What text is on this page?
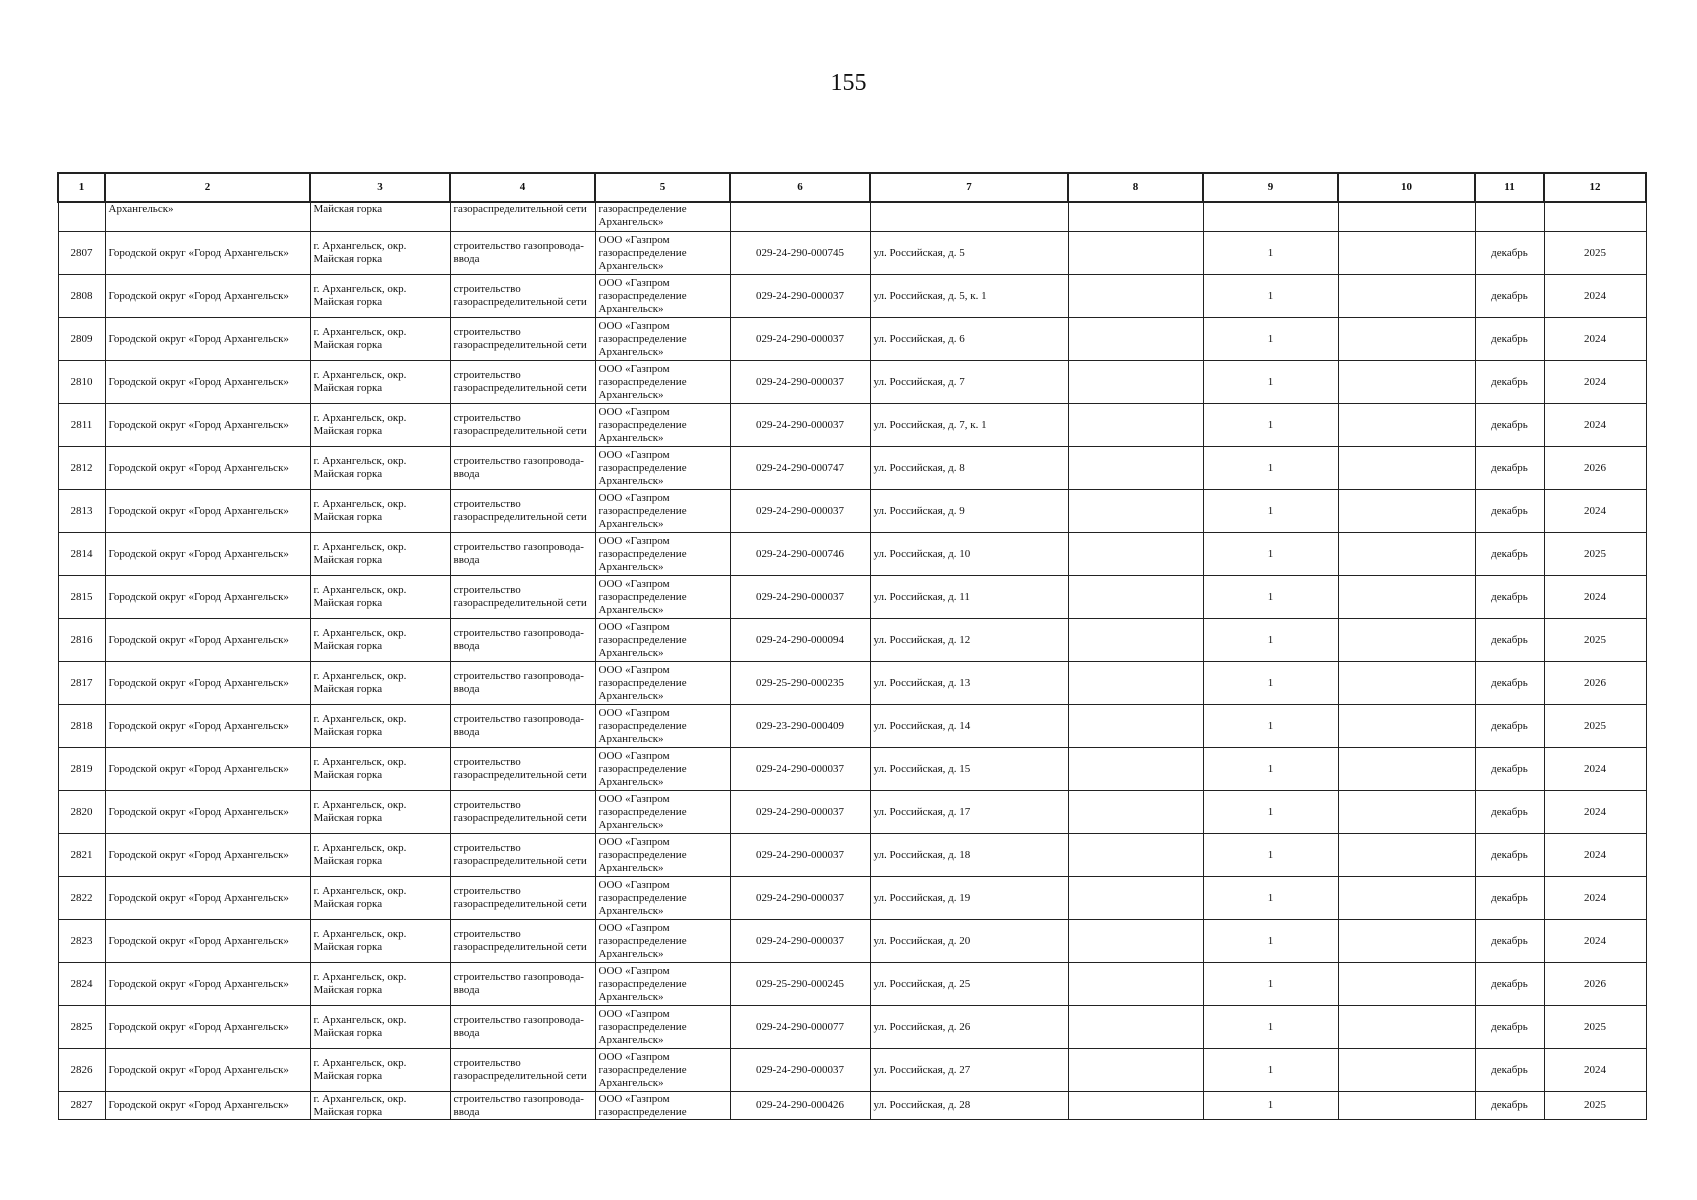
155
1	2	3	4	5	6	7	8	9	10	11	12
	Архангельск»	Майская горка	газораспределительной сети	газораспределение Архангельск»							
2807	Городской округ «Город Архангельск»	г. Архангельск, окр. Майская горка	строительство газопровода-ввода	ООО «Газпром газораспределение Архангельск»	029-24-290-000745	ул. Российская, д. 5		1		декабрь	2025
2808	Городской округ «Город Архангельск»	г. Архангельск, окр. Майская горка	строительство газораспределительной сети	ООО «Газпром газораспределение Архангельск»	029-24-290-000037	ул. Российская, д. 5, к. 1		1		декабрь	2024
2809	Городской округ «Город Архангельск»	г. Архангельск, окр. Майская горка	строительство газораспределительной сети	ООО «Газпром газораспределение Архангельск»	029-24-290-000037	ул. Российская, д. 6		1		декабрь	2024
2810	Городской округ «Город Архангельск»	г. Архангельск, окр. Майская горка	строительство газораспределительной сети	ООО «Газпром газораспределение Архангельск»	029-24-290-000037	ул. Российская, д. 7		1		декабрь	2024
2811	Городской округ «Город Архангельск»	г. Архангельск, окр. Майская горка	строительство газораспределительной сети	ООО «Газпром газораспределение Архангельск»	029-24-290-000037	ул. Российская, д. 7, к. 1		1		декабрь	2024
2812	Городской округ «Город Архангельск»	г. Архангельск, окр. Майская горка	строительство газопровода-ввода	ООО «Газпром газораспределение Архангельск»	029-24-290-000747	ул. Российская, д. 8		1		декабрь	2026
2813	Городской округ «Город Архангельск»	г. Архангельск, окр. Майская горка	строительство газораспределительной сети	ООО «Газпром газораспределение Архангельск»	029-24-290-000037	ул. Российская, д. 9		1		декабрь	2024
2814	Городской округ «Город Архангельск»	г. Архангельск, окр. Майская горка	строительство газопровода-ввода	ООО «Газпром газораспределение Архангельск»	029-24-290-000746	ул. Российская, д. 10		1		декабрь	2025
2815	Городской округ «Город Архангельск»	г. Архангельск, окр. Майская горка	строительство газораспределительной сети	ООО «Газпром газораспределение Архангельск»	029-24-290-000037	ул. Российская, д. 11		1		декабрь	2024
2816	Городской округ «Город Архангельск»	г. Архангельск, окр. Майская горка	строительство газопровода-ввода	ООО «Газпром газораспределение Архангельск»	029-24-290-000094	ул. Российская, д. 12		1		декабрь	2025
2817	Городской округ «Город Архангельск»	г. Архангельск, окр. Майская горка	строительство газопровода-ввода	ООО «Газпром газораспределение Архангельск»	029-25-290-000235	ул. Российская, д. 13		1		декабрь	2026
2818	Городской округ «Город Архангельск»	г. Архангельск, окр. Майская горка	строительство газопровода-ввода	ООО «Газпром газораспределение Архангельск»	029-23-290-000409	ул. Российская, д. 14		1		декабрь	2025
2819	Городской округ «Город Архангельск»	г. Архангельск, окр. Майская горка	строительство газораспределительной сети	ООО «Газпром газораспределение Архангельск»	029-24-290-000037	ул. Российская, д. 15		1		декабрь	2024
2820	Городской округ «Город Архангельск»	г. Архангельск, окр. Майская горка	строительство газораспределительной сети	ООО «Газпром газораспределение Архангельск»	029-24-290-000037	ул. Российская, д. 17		1		декабрь	2024
2821	Городской округ «Город Архангельск»	г. Архангельск, окр. Майская горка	строительство газораспределительной сети	ООО «Газпром газораспределение Архангельск»	029-24-290-000037	ул. Российская, д. 18		1		декабрь	2024
2822	Городской округ «Город Архангельск»	г. Архангельск, окр. Майская горка	строительство газораспределительной сети	ООО «Газпром газораспределение Архангельск»	029-24-290-000037	ул. Российская, д. 19		1		декабрь	2024
2823	Городской округ «Город Архангельск»	г. Архангельск, окр. Майская горка	строительство газораспределительной сети	ООО «Газпром газораспределение Архангельск»	029-24-290-000037	ул. Российская, д. 20		1		декабрь	2024
2824	Городской округ «Город Архангельск»	г. Архангельск, окр. Майская горка	строительство газопровода-ввода	ООО «Газпром газораспределение Архангельск»	029-25-290-000245	ул. Российская, д. 25		1		декабрь	2026
2825	Городской округ «Город Архангельск»	г. Архангельск, окр. Майская горка	строительство газопровода-ввода	ООО «Газпром газораспределение Архангельск»	029-24-290-000077	ул. Российская, д. 26		1		декабрь	2025
2826	Городской округ «Город Архангельск»	г. Архангельск, окр. Майская горка	строительство газораспределительной сети	ООО «Газпром газораспределение Архангельск»	029-24-290-000037	ул. Российская, д. 27		1		декабрь	2024
2827	Городской округ «Город Архангельск»	г. Архангельск, окр. Майская горка	строительство газопровода-ввода	ООО «Газпром газораспределение	029-24-290-000426	ул. Российская, д. 28		1		декабрь	2025
